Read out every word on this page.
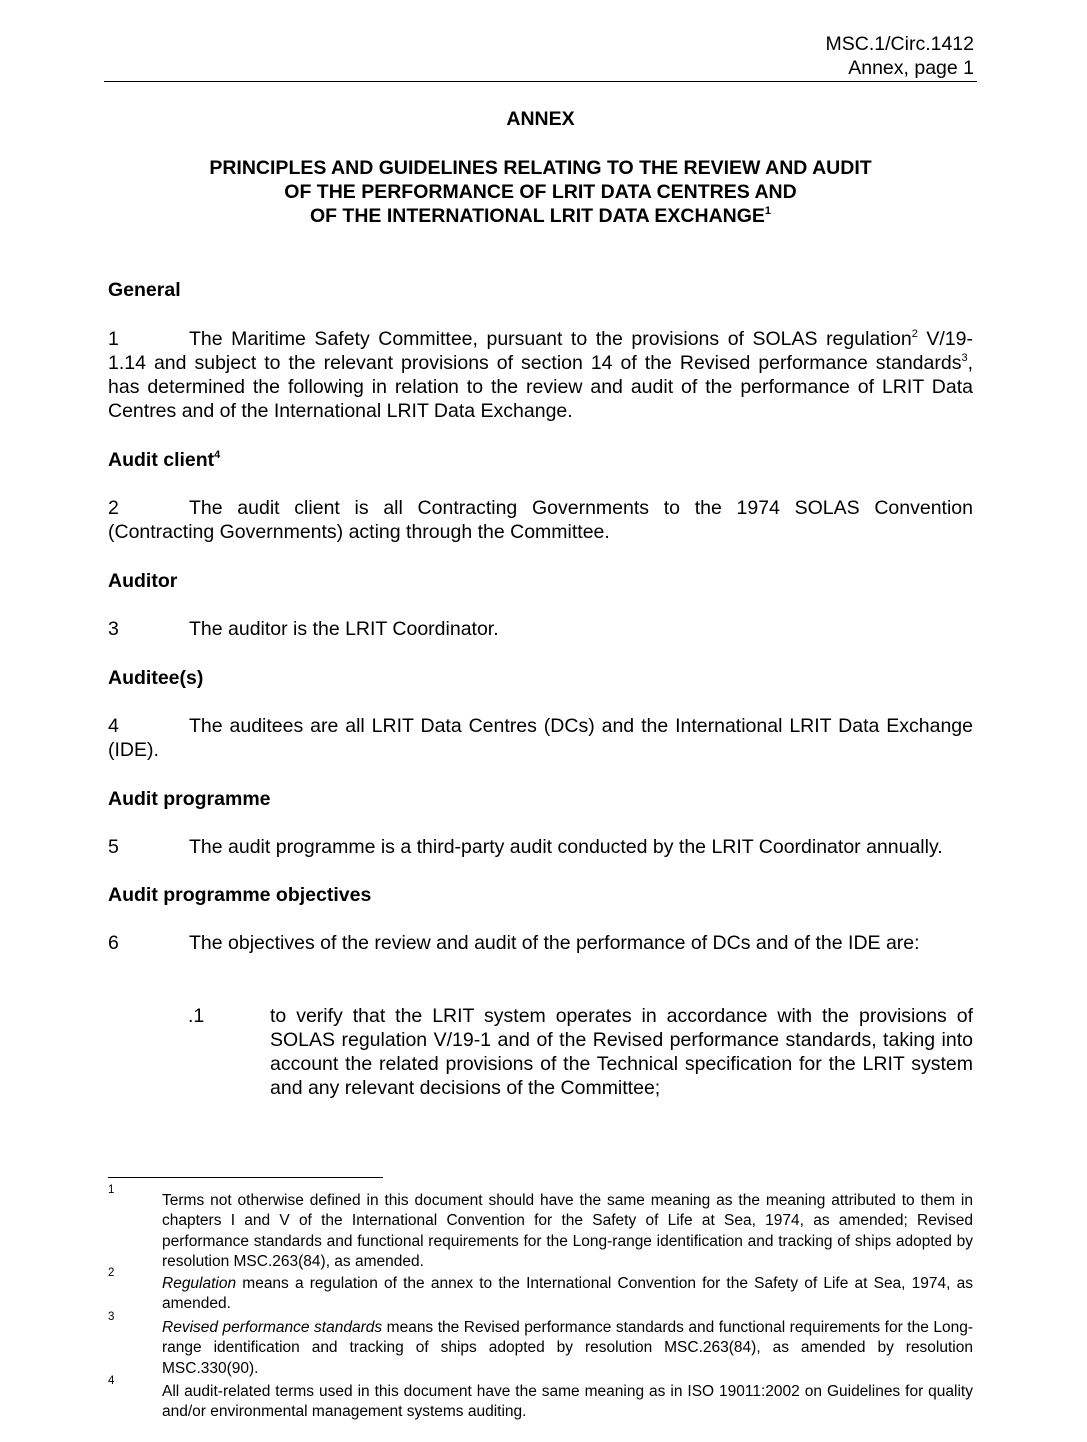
MSC.1/Circ.1412
Annex, page 1
ANNEX
PRINCIPLES AND GUIDELINES RELATING TO THE REVIEW AND AUDIT
OF THE PERFORMANCE OF LRIT DATA CENTRES AND
OF THE INTERNATIONAL LRIT DATA EXCHANGE$^1$
General
1	The Maritime Safety Committee, pursuant to the provisions of SOLAS regulation$^2$ V/19-1.14 and subject to the relevant provisions of section 14 of the Revised performance standards$^3$, has determined the following in relation to the review and audit of the performance of LRIT Data Centres and of the International LRIT Data Exchange.
Audit client$^4$
2	The audit client is all Contracting Governments to the 1974 SOLAS Convention (Contracting Governments) acting through the Committee.
Auditor
3	The auditor is the LRIT Coordinator.
Auditee(s)
4	The auditees are all LRIT Data Centres (DCs) and the International LRIT Data Exchange (IDE).
Audit programme
5	The audit programme is a third-party audit conducted by the LRIT Coordinator annually.
Audit programme objectives
6	The objectives of the review and audit of the performance of DCs and of the IDE are:
.1	to verify that the LRIT system operates in accordance with the provisions of SOLAS regulation V/19-1 and of the Revised performance standards, taking into account the related provisions of the Technical specification for the LRIT system and any relevant decisions of the Committee;
1
Terms not otherwise defined in this document should have the same meaning as the meaning attributed to them in chapters I and V of the International Convention for the Safety of Life at Sea, 1974, as amended; Revised performance standards and functional requirements for the Long-range identification and tracking of ships adopted by resolution MSC.263(84), as amended.
2
Regulation means a regulation of the annex to the International Convention for the Safety of Life at Sea, 1974, as amended.
3
Revised performance standards means the Revised performance standards and functional requirements for the Long-range identification and tracking of ships adopted by resolution MSC.263(84), as amended by resolution MSC.330(90).
4
All audit-related terms used in this document have the same meaning as in ISO 19011:2002 on Guidelines for quality and/or environmental management systems auditing.
